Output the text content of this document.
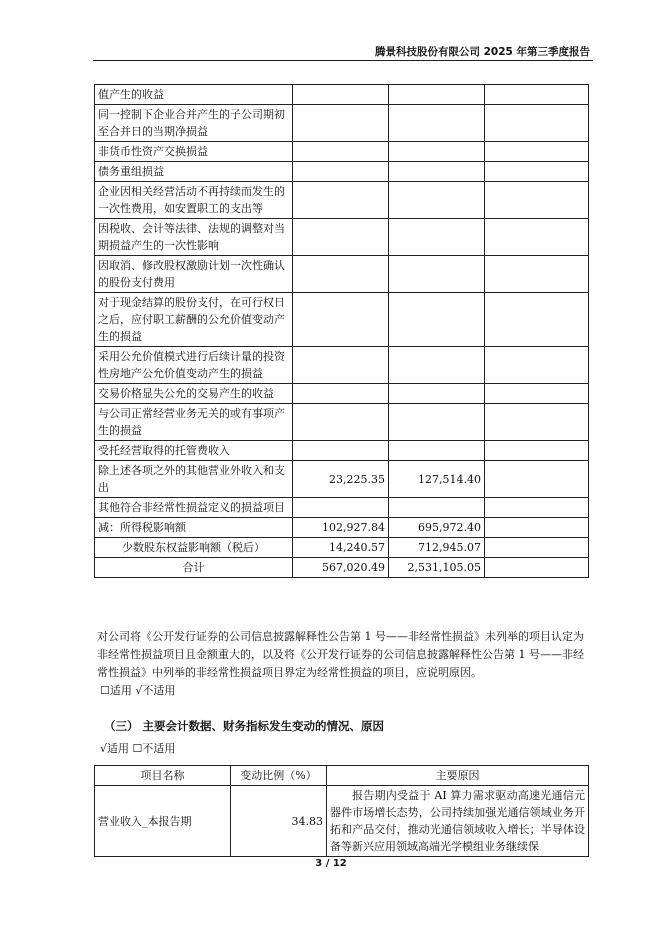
腾景科技股份有限公司 2025 年第三季度报告
值产生的收益			
同一控制下企业合并产生的子公司期初至合并日的当期净损益			
非货币性资产交换损益			
债务重组损益			
企业因相关经营活动不再持续而发生的一次性费用，如安置职工的支出等			
因税收、会计等法律、法规的调整对当期损益产生的一次性影响			
因取消、修改股权激励计划一次性确认的股份支付费用			
对于现金结算的股份支付，在可行权日之后，应付职工薪酬的公允价值变动产生的损益			
采用公允价值模式进行后续计量的投资性房地产公允价值变动产生的损益			
交易价格显失公允的交易产生的收益			
与公司正常经营业务无关的或有事项产生的损益			
受托经营取得的托管费收入			
除上述各项之外的其他营业外收入和支出	23,225.35	127,514.40	
其他符合非经常性损益定义的损益项目			
减：所得税影响额	102,927.84	695,972.40	
少数股东权益影响额（税后）	14,240.57	712,945.07	
合计	567,020.49	2,531,105.05	
对公司将《公开发行证券的公司信息披露解释性公告第 1 号——非经常性损益》未列举的项目认定为非经常性损益项目且金额重大的，以及将《公开发行证券的公司信息披露解释性公告第 1 号——非经常性损益》中列举的非经常性损益项目界定为经常性损益的项目，应说明原因。
☐适用 √不适用
（三） 主要会计数据、财务指标发生变动的情况、原因
√适用 ☐不适用
项目名称	变动比例（%）	主要原因
营业收入_本报告期	34.83	报告期内受益于 AI 算力需求驱动高速光通信元器件市场增长态势，公司持续加强光通信领域业务开拓和产品交付，推动光通信领域收入增长；半导体设备等新兴应用领域高端光学模组业务继续保
3 / 12
